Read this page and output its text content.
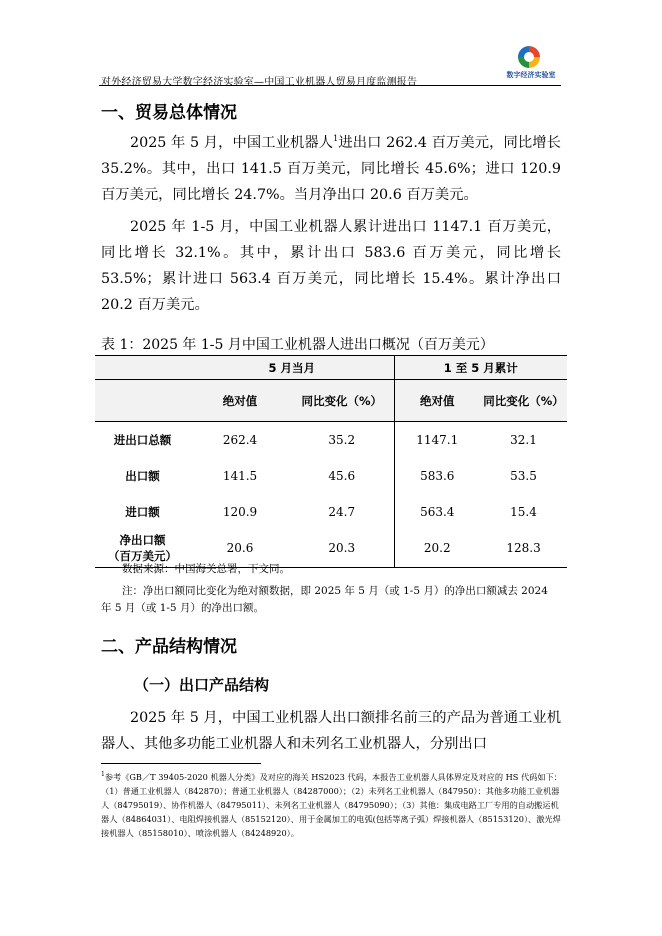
对外经济贸易大学数字经济实验室—中国工业机器人贸易月度监测报告
数字经济实验室
一、贸易总体情况

2025 年 5 月，中国工业机器人$^1$进出口 262.4 百万美元，同比增长 35.2%。其中，出口 141.5 百万美元，同比增长 45.6%；进口 120.9 百万美元，同比增长 24.7%。当月净出口 20.6 百万美元。

2025 年 1-5 月，中国工业机器人累计进出口 1147.1 百万美元，同比增长 32.1%。其中，累计出口 583.6 百万美元，同比增长 53.5%；累计进口 563.4 百万美元，同比增长 15.4%。累计净出口 20.2 百万美元。

表 1：2025 年 1-5 月中国工业机器人进出口概况（百万美元）
	5 月当月		1 至 5 月累计	
	绝对值	同比变化（%）	绝对值	同比变化（%）
进出口总额	262.4	35.2	1147.1	32.1
出口额	141.5	45.6	583.6	53.5
进口额	120.9	24.7	563.4	15.4
净出口额
（百万美元）	20.6	20.3	20.2	128.3

数据来源：中国海关总署，下文同。

注：净出口额同比变化为绝对额数据，即 2025 年 5 月（或 1-5 月）的净出口额减去 2024 年 5 月（或 1-5 月）的净出口额。

二、产品结构情况
（一）出口产品结构

2025 年 5 月，中国工业机器人出口额排名前三的产品为普通工业机器人、其他多功能工业机器人和未列名工业机器人，分别出口

$^1$参考《GB／T 39405-2020 机器人分类》及对应的海关 HS2023 代码，本报告工业机器人具体界定及对应的 HS 代码如下：（1）普通工业机器人（842870）；普通工业机器人（84287000）；（2）未列名工业机器人（847950）：其他多功能工业机器人（84795019）、协作机器人（84795011）、未列名工业机器人（84795090）；（3）其他：集成电路工厂专用的自动搬运机器人（84864031）、电阻焊接机器人（85152120）、用于金属加工的电弧(包括等离子弧）焊接机器人（85153120）、激光焊接机器人（85158010）、喷涂机器人（84248920）。
